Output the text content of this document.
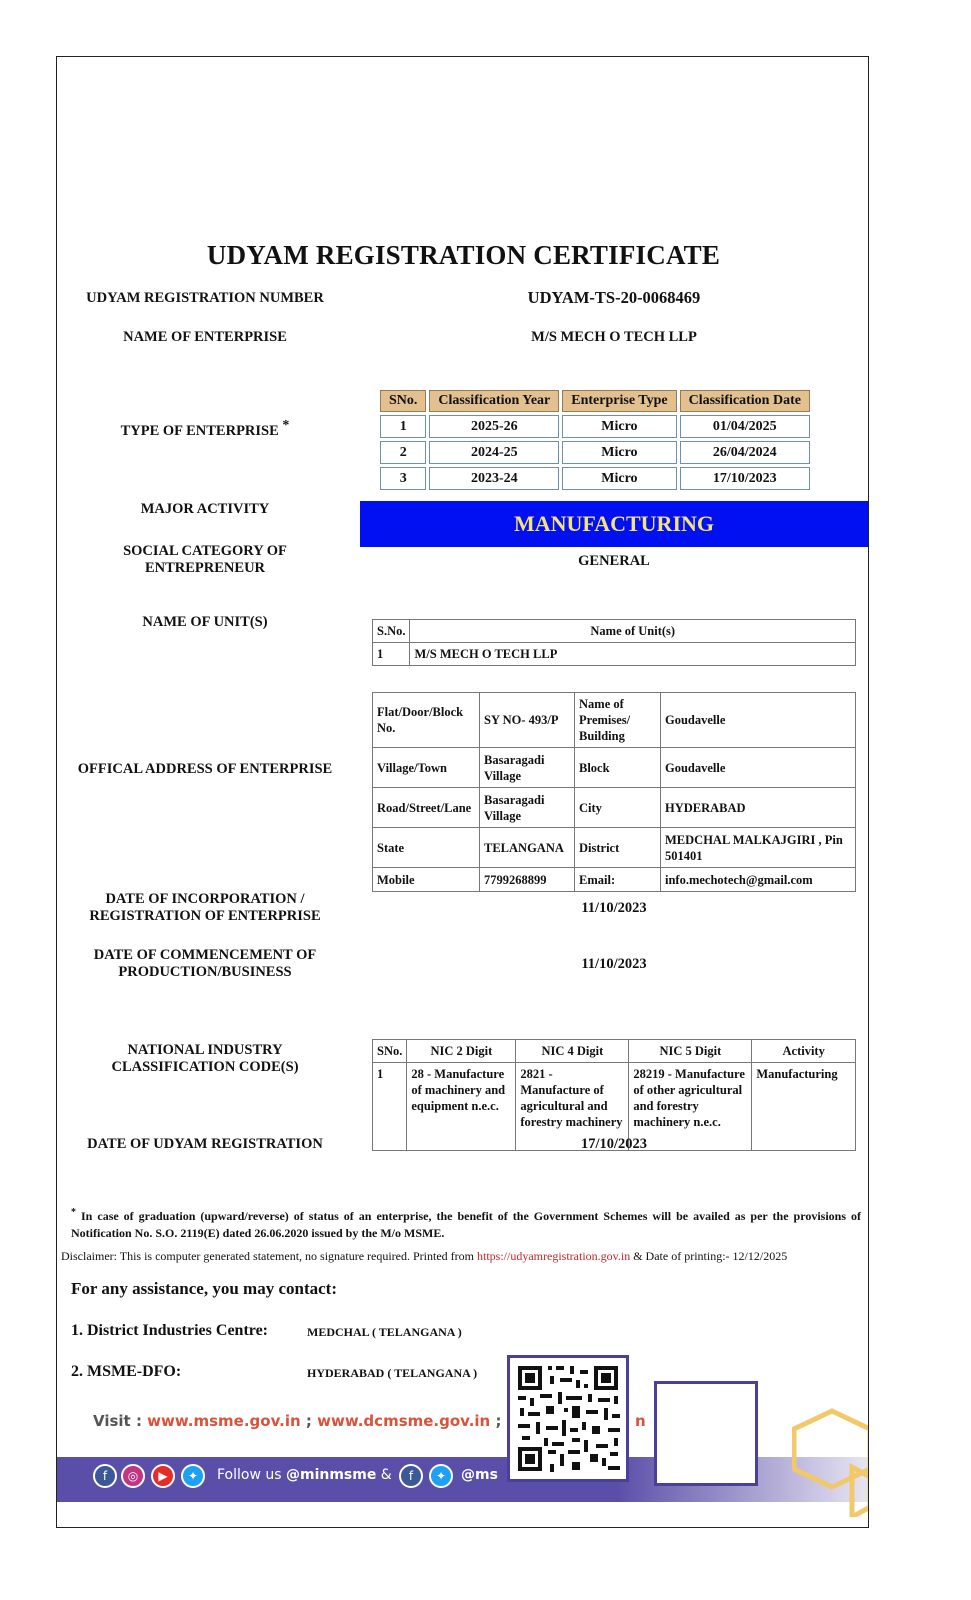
UDYAM REGISTRATION CERTIFICATE
UDYAM REGISTRATION NUMBER	UDYAM-TS-20-0068469
NAME OF ENTERPRISE	M/S MECH O TECH LLP
TYPE OF ENTERPRISE *
SNo.	Classification Year	Enterprise Type	Classification Date
1	2025-26	Micro	01/04/2025
2	2024-25	Micro	26/04/2024
3	2023-24	Micro	17/10/2023
MAJOR ACTIVITY
MANUFACTURING
SOCIAL CATEGORY OF
ENTREPRENEUR	GENERAL
NAME OF UNIT(S)
S.No.	Name of Unit(s)
1	M/S MECH O TECH LLP
OFFICAL ADDRESS OF ENTERPRISE
Flat/Door/Block No.	SY NO- 493/P	Name of Premises/ Building	Goudavelle
Village/Town	Basaragadi Village	Block	Goudavelle
Road/Street/Lane	Basaragadi Village	City	HYDERABAD
State	TELANGANA	District	MEDCHAL MALKAJGIRI , Pin 501401
Mobile	7799268899	Email:	info.mechotech@gmail.com
DATE OF INCORPORATION /
REGISTRATION OF ENTERPRISE	11/10/2023
DATE OF COMMENCEMENT OF
PRODUCTION/BUSINESS	11/10/2023
NATIONAL INDUSTRY
CLASSIFICATION CODE(S)
SNo.	NIC 2 Digit	NIC 4 Digit	NIC 5 Digit	Activity
1	28 - Manufacture of machinery and equipment n.e.c.	2821 - Manufacture of agricultural and forestry machinery	28219 - Manufacture of other agricultural and forestry machinery n.e.c.	Manufacturing
DATE OF UDYAM REGISTRATION	17/10/2023
* In case of graduation (upward/reverse) of status of an enterprise, the benefit of the Government Schemes will be availed as per the provisions of Notification No. S.O. 2119(E) dated 26.06.2020 issued by the M/o MSME.
Disclaimer: This is computer generated statement, no signature required. Printed from https://udyamregistration.gov.in & Date of printing:- 12/12/2025
For any assistance, you may contact:
1. District Industries Centre:	MEDCHAL ( TELANGANA )
2. MSME-DFO:	HYDERABAD ( TELANGANA )
Visit : www.msme.gov.in ; www.dcmsme.gov.in ;	n
f	◎	▶	✦	Follow us @minmsme &	f	✦	@ms
